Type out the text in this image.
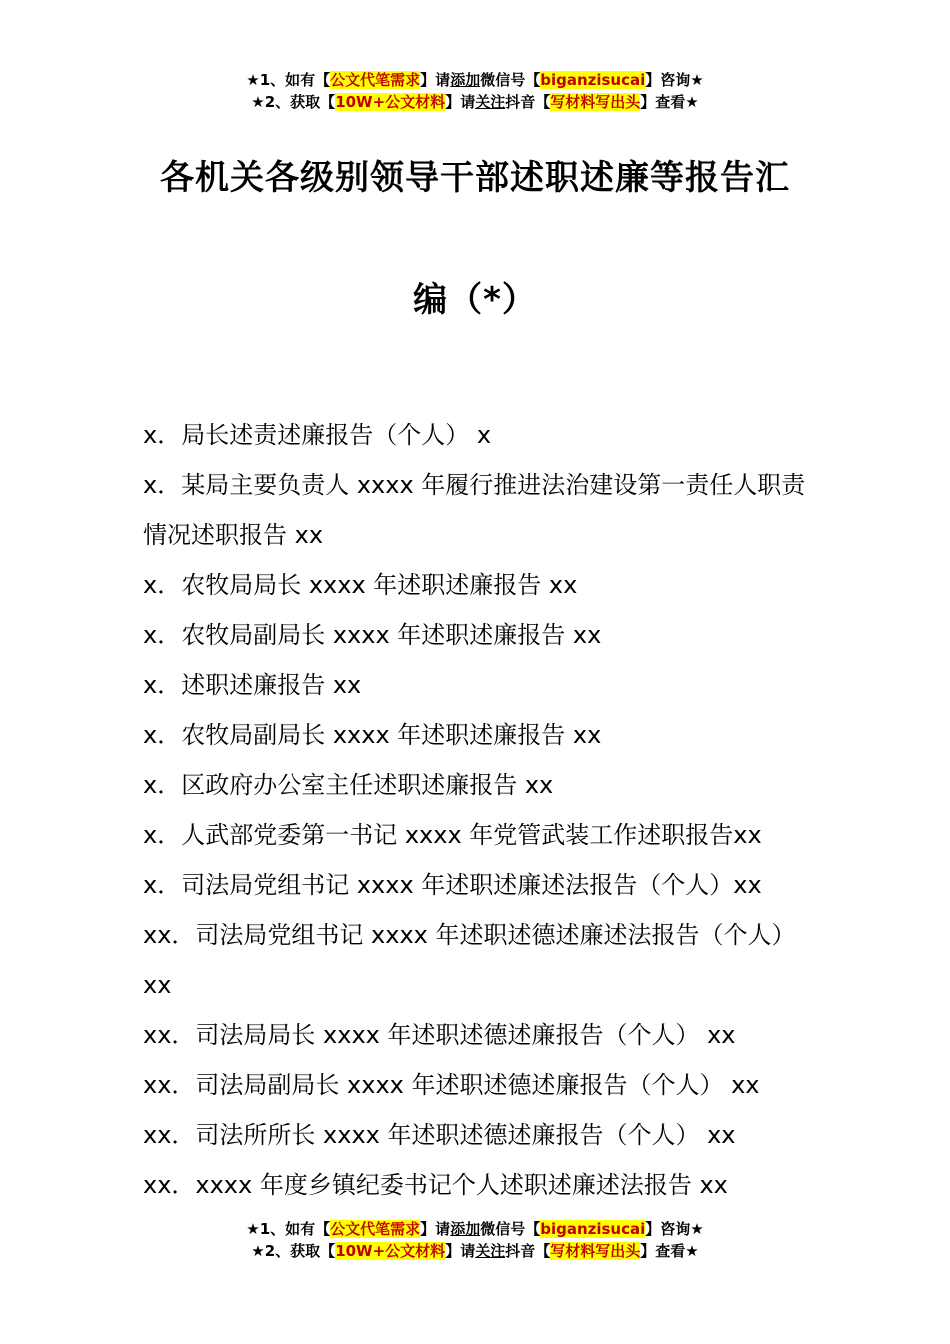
★1、如有【公文代笔需求】请添加微信号【biganzisucai】咨询★
★2、获取【10W+公文材料】请关注抖音【写材料写出头】查看★
各机关各级别领导干部述职述廉等报告汇
编（*）
x．局长述责述廉报告（个人） x
x．某局主要负责人 xxxx 年履行推进法治建设第一责任人职责情况述职报告 xx
x．农牧局局长 xxxx 年述职述廉报告 xx
x．农牧局副局长 xxxx 年述职述廉报告 xx
x．述职述廉报告 xx
x．农牧局副局长 xxxx 年述职述廉报告 xx
x．区政府办公室主任述职述廉报告 xx
x．人武部党委第一书记 xxxx 年党管武装工作述职报告xx
x．司法局党组书记 xxxx 年述职述廉述法报告（个人）xx
xx．司法局党组书记 xxxx 年述职述德述廉述法报告（个人） xx
xx．司法局局长 xxxx 年述职述德述廉报告（个人） xx
xx．司法局副局长 xxxx 年述职述德述廉报告（个人） xx
xx．司法所所长 xxxx 年述职述德述廉报告（个人） xx
xx．xxxx 年度乡镇纪委书记个人述职述廉述法报告 xx
★1、如有【公文代笔需求】请添加微信号【biganzisucai】咨询★
★2、获取【10W+公文材料】请关注抖音【写材料写出头】查看★
